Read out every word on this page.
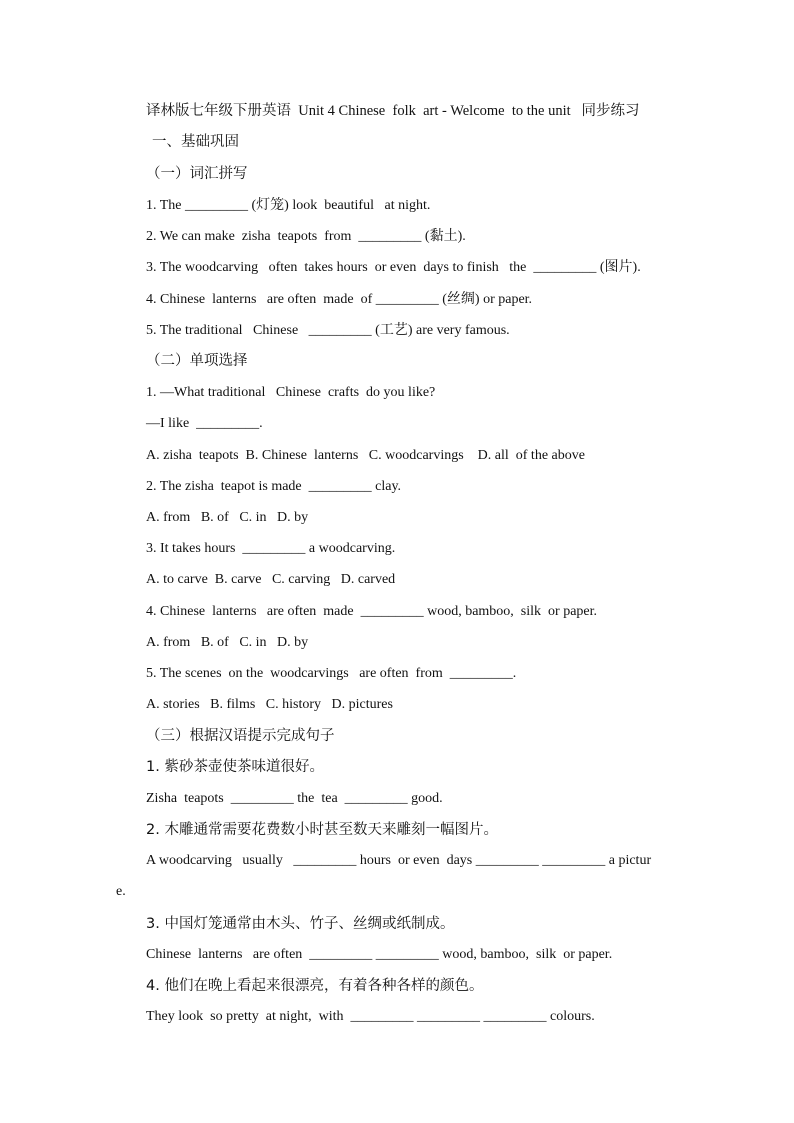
译林版七年级下册英语  Unit 4 Chinese  folk  art - Welcome  to the unit   同步练习
一、基础巩固
（一）词汇拼写
1. The _________ (灯笼) look  beautiful   at night.
2. We can make  zisha  teapots  from  _________ (黏土).
3. The woodcarving   often  takes hours  or even  days to finish   the  _________ (图片).
4. Chinese  lanterns   are often  made  of _________ (丝绸) or paper.
5. The traditional   Chinese   _________ (工艺) are very famous.
（二）单项选择
1. —What traditional   Chinese  crafts  do you like?
—I like  _________.
A. zisha  teapots  B. Chinese  lanterns   C. woodcarvings    D. all  of the above
2. The zisha  teapot is made  _________ clay.
A. from   B. of   C. in   D. by
3. It takes hours  _________ a woodcarving.
A. to carve  B. carve   C. carving   D. carved
4. Chinese  lanterns   are often  made  _________ wood, bamboo,  silk  or paper.
A. from   B. of   C. in   D. by
5. The scenes  on the  woodcarvings   are often  from  _________.
A. stories   B. films   C. history   D. pictures
（三）根据汉语提示完成句子
1. 紫砂茶壶使茶味道很好。
Zisha  teapots  _________ the  tea  _________ good.
2. 木雕通常需要花费数小时甚至数天来雕刻一幅图片。
A woodcarving   usually   _________ hours  or even  days _________ _________ a pictur
e.
3. 中国灯笼通常由木头、竹子、丝绸或纸制成。
Chinese  lanterns   are often  _________ _________ wood, bamboo,  silk  or paper.
4. 他们在晚上看起来很漂亮，有着各种各样的颜色。
They look  so pretty  at night,  with  _________ _________ _________ colours.
